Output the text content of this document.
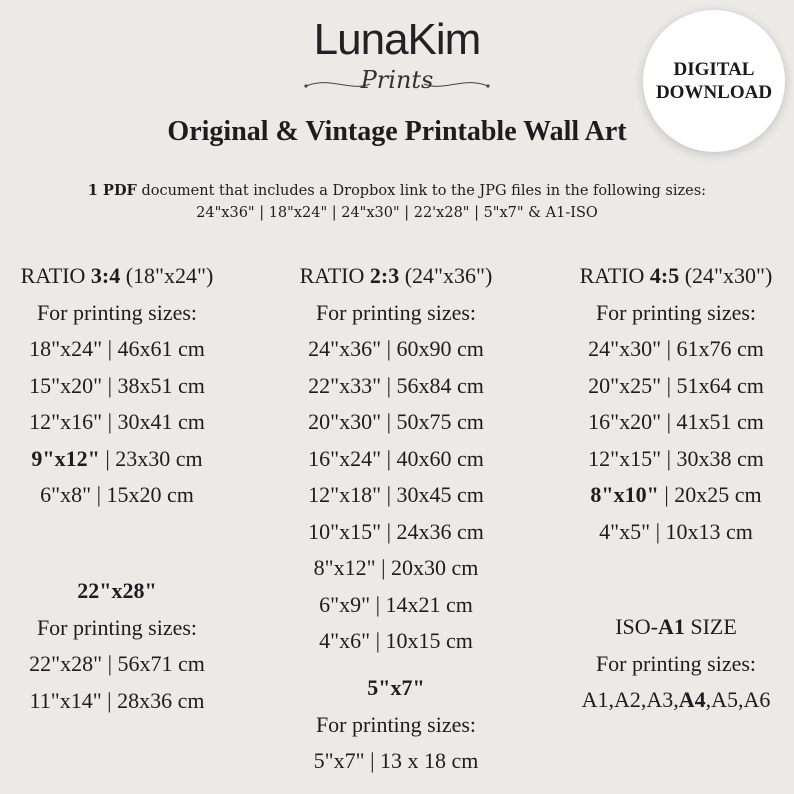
LunaKim
Prints	DIGITAL
DOWNLOAD
Original & Vintage Printable Wall Art
1 PDF document that includes a Dropbox link to the JPG files in the following sizes:
24"x36" | 18"x24" | 24"x30" | 22'x28" | 5"x7" & A1-ISO
RATIO 3:4 (18"x24")
For printing sizes:
18"x24" | 46x61 cm
15"x20" | 38x51 cm
12"x16" | 30x41 cm
9"x12" | 23x30 cm
6"x8" | 15x20 cm
RATIO 2:3 (24"x36")
For printing sizes:
24"x36" | 60x90 cm
22"x33" | 56x84 cm
20"x30" | 50x75 cm
16"x24" | 40x60 cm
12"x18" | 30x45 cm
10"x15" | 24x36 cm
8"x12" | 20x30 cm
6"x9" | 14x21 cm
4"x6" | 10x15 cm
RATIO 4:5 (24"x30")
For printing sizes:
24"x30" | 61x76 cm
20"x25" | 51x64 cm
16"x20" | 41x51 cm
12"x15" | 30x38 cm
8"x10" | 20x25 cm
4"x5" | 10x13 cm
22"x28"
For printing sizes:
22"x28" | 56x71 cm
11"x14" | 28x36 cm	5"x7"
For printing sizes:
5"x7" | 13 x 18 cm
ISO-A1 SIZE
For printing sizes:
A1,A2,A3,A4,A5,A6
